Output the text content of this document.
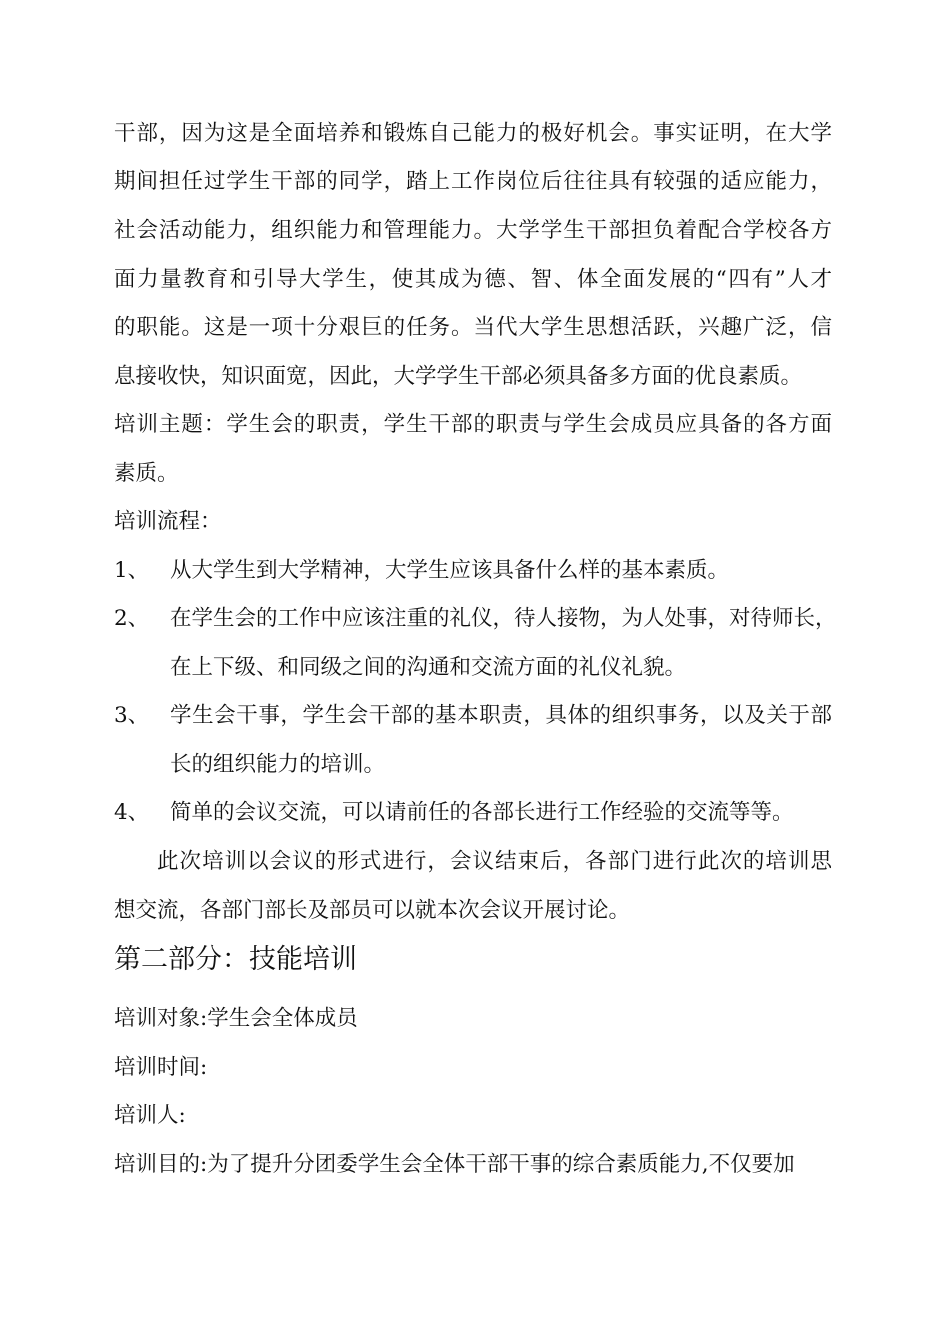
干部，因为这是全面培养和锻炼自己能力的极好机会。事实证明，在大学

期间担任过学生干部的同学，踏上工作岗位后往往具有较强的适应能力，

社会活动能力，组织能力和管理能力。大学学生干部担负着配合学校各方

面力量教育和引导大学生，使其成为德、智、体全面发展的“四有”人才

的职能。这是一项十分艰巨的任务。当代大学生思想活跃，兴趣广泛，信

息接收快，知识面宽，因此，大学学生干部必须具备多方面的优良素质。

培训主题：学生会的职责，学生干部的职责与学生会成员应具备的各方面

素质。

培训流程：

1、 从大学生到大学精神，大学生应该具备什么样的基本素质。
2、 在学生会的工作中应该注重的礼仪，待人接物，为人处事，对待师长，
在上下级、和同级之间的沟通和交流方面的礼仪礼貌。
3、 学生会干事，学生会干部的基本职责，具体的组织事务，以及关于部
长的组织能力的培训。
4、 简单的会议交流，可以请前任的各部长进行工作经验的交流等等。

此次培训以会议的形式进行，会议结束后，各部门进行此次的培训思

想交流，各部门部长及部员可以就本次会议开展讨论。

第二部分：技能培训

培训对象:学生会全体成员

培训时间:

培训人:

培训目的:为了提升分团委学生会全体干部干事的综合素质能力,不仅要加
